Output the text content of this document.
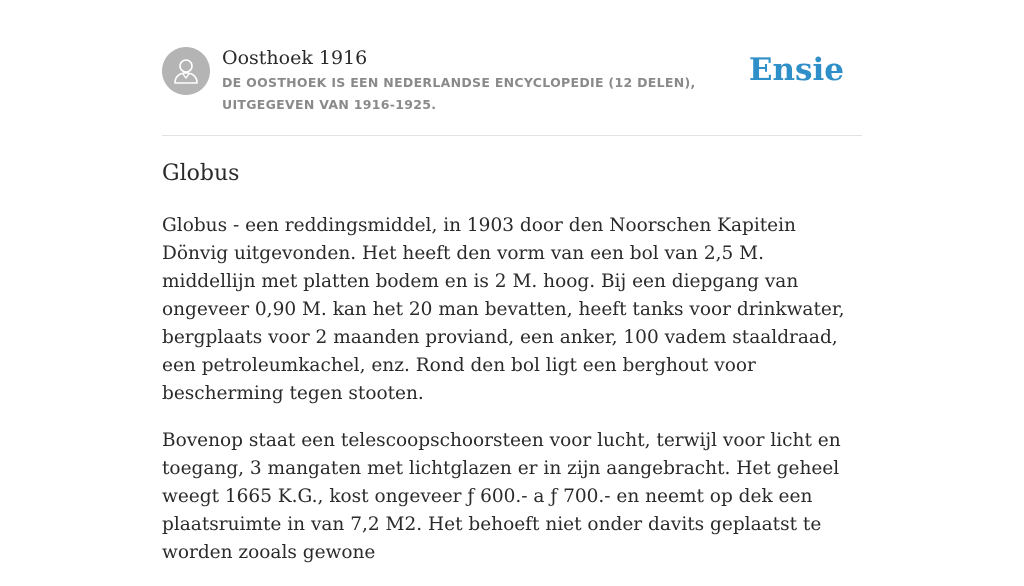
Oosthoek 1916
DE OOSTHOEK IS EEN NEDERLANDSE ENCYCLOPEDIE (12 DELEN), UITGEGEVEN VAN 1916-1925.
Ensie
Globus

Globus - een reddingsmiddel, in 1903 door den Noorschen Kapitein Dönvig uitgevonden. Het heeft den vorm van een bol van 2,5 M. middellijn met platten bodem en is 2 M. hoog. Bij een diepgang van ongeveer 0,90 M. kan het 20 man bevatten, heeft tanks voor drinkwater, bergplaats voor 2 maanden proviand, een anker, 100 vadem staaldraad, een petroleumkachel, enz. Rond den bol ligt een berghout voor bescherming tegen stooten.

Bovenop staat een telescoopschoorsteen voor lucht, terwijl voor licht en toegang, 3 mangaten met lichtglazen er in zijn aangebracht. Het geheel weegt 1665 K.G., kost ongeveer ƒ 600.- a ƒ 700.- en neemt op dek een plaatsruimte in van 7,2 M2. Het behoeft niet onder davits geplaatst te worden zooals gewone
